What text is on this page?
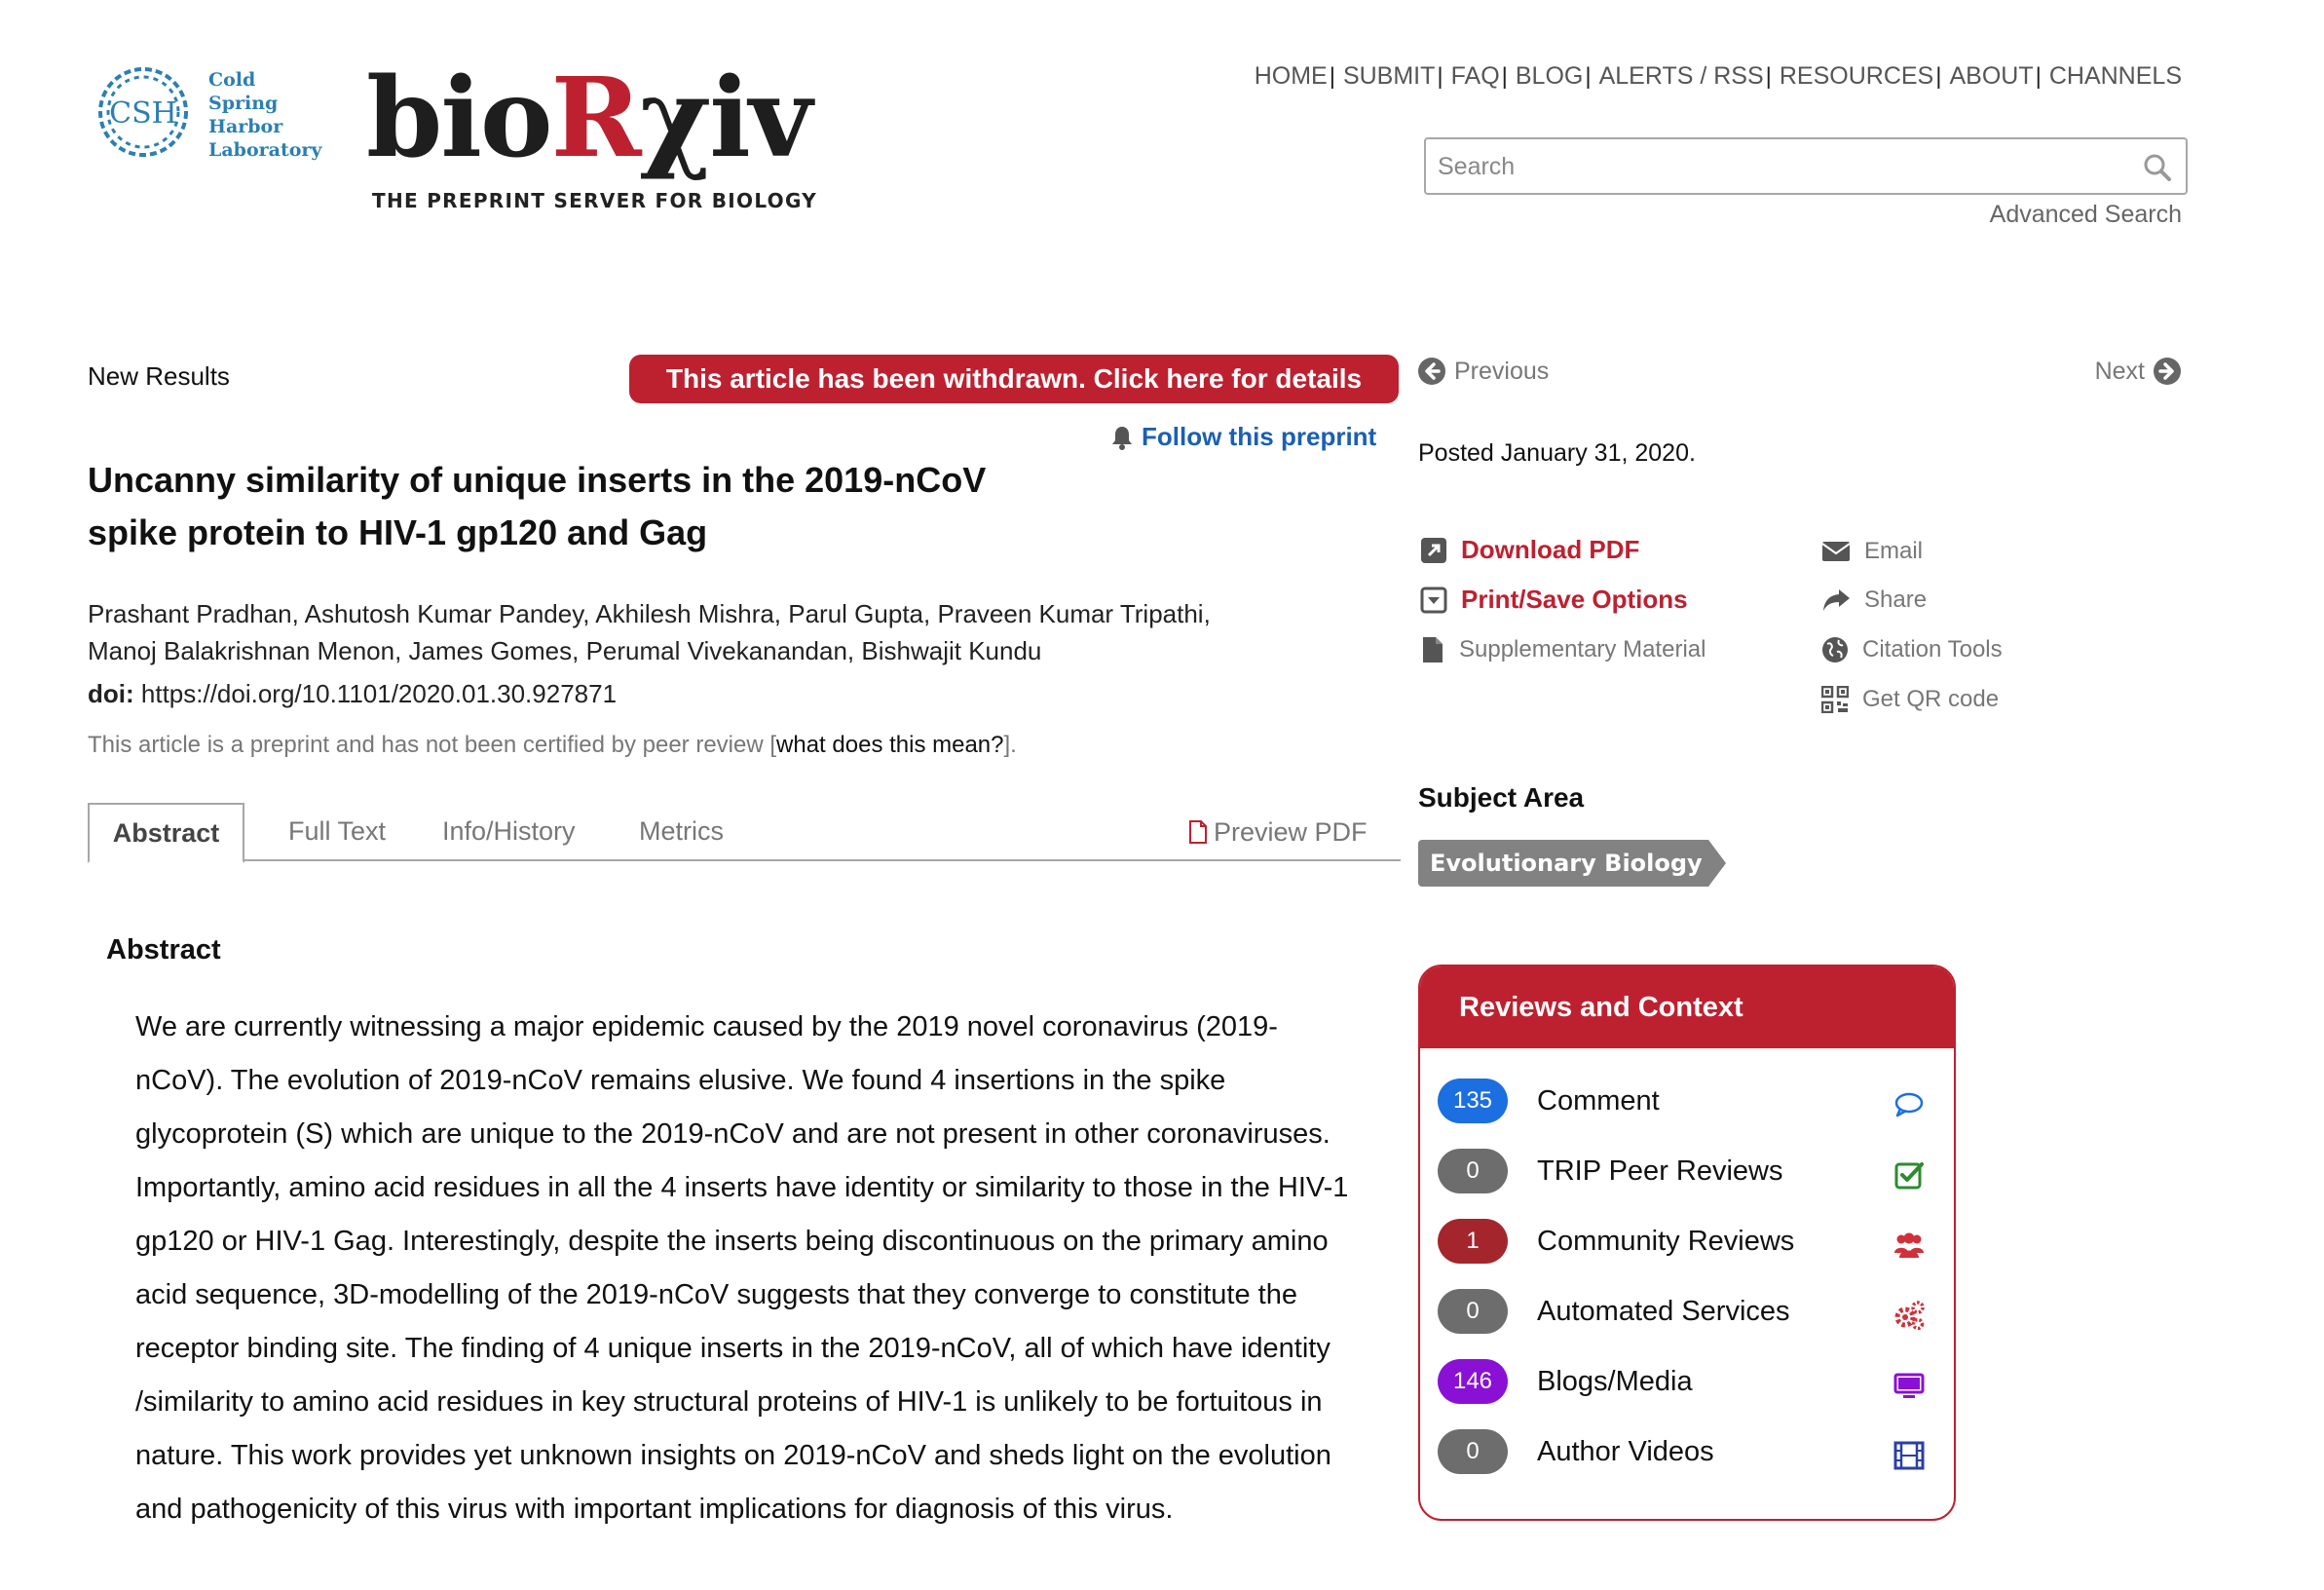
CSH
Cold
Spring
Harbor
Laboratory bioRχiv
THE PREPRINT SERVER FOR BIOLOGY
HOME | SUBMIT | FAQ | BLOG | ALERTS / RSS | RESOURCES | ABOUT | CHANNELS
Search
Advanced Search
New Results	This article has been withdrawn. Click here for details
Follow this preprint
Uncanny similarity of unique inserts in the 2019-nCoV spike protein to HIV-1 gp120 and Gag
Prashant Pradhan, Ashutosh Kumar Pandey, Akhilesh Mishra, Parul Gupta, Praveen Kumar Tripathi,
Manoj Balakrishnan Menon, James Gomes, Perumal Vivekanandan, Bishwajit Kundu
doi: https://doi.org/10.1101/2020.01.30.927871
This article is a preprint and has not been certified by peer review [what does this mean?].
Abstract	Full Text Info/History Metrics	Preview PDF
Abstract
We are currently witnessing a major epidemic caused by the 2019 novel coronavirus (2019-nCoV). The evolution of 2019-nCoV remains elusive. We found 4 insertions in the spike glycoprotein (S) which are unique to the 2019-nCoV and are not present in other coronaviruses. Importantly, amino acid residues in all the 4 inserts have identity or similarity to those in the HIV-1 gp120 or HIV-1 Gag. Interestingly, despite the inserts being discontinuous on the primary amino acid sequence, 3D-modelling of the 2019-nCoV suggests that they converge to constitute the receptor binding site. The finding of 4 unique inserts in the 2019-nCoV, all of which have identity /similarity to amino acid residues in key structural proteins of HIV-1 is unlikely to be fortuitous in nature. This work provides yet unknown insights on 2019-nCoV and sheds light on the evolution and pathogenicity of this virus with important implications for diagnosis of this virus.
Previous	Next
Posted January 31, 2020.
Download PDF
Print/Save Options
Supplementary Material
Email
Share
Citation Tools
Get QR code
Subject Area
Evolutionary Biology
Reviews and Context
135	Comment
0	TRIP Peer Reviews
1	Community Reviews
0	Automated Services
146	Blogs/Media
0	Author Videos
